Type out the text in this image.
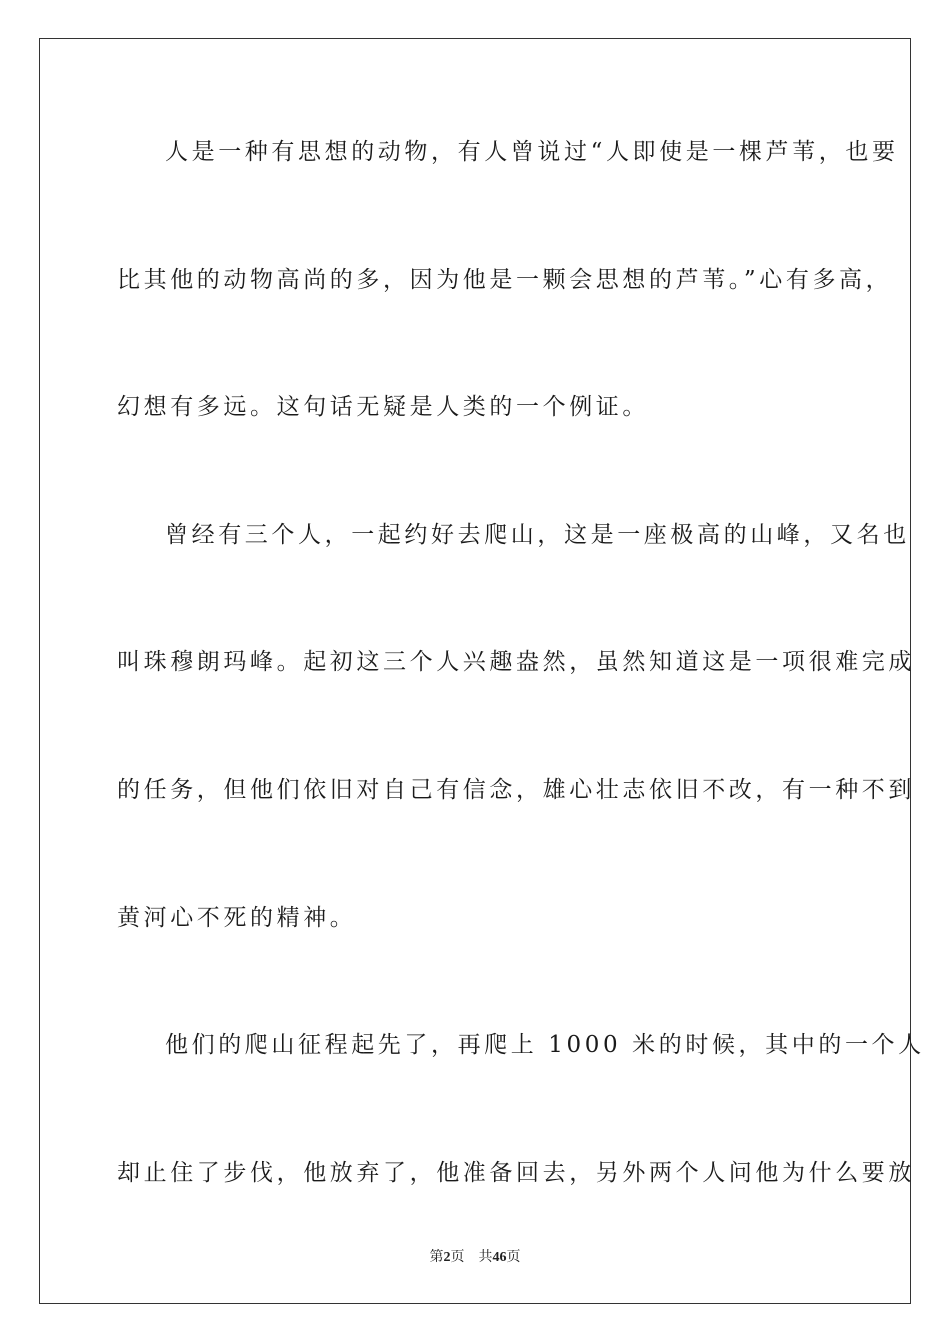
人是一种有思想的动物，有人曾说过“人即使是一棵芦苇，也要
比其他的动物高尚的多，因为他是一颗会思想的芦苇。”心有多高，
幻想有多远。这句话无疑是人类的一个例证。
曾经有三个人，一起约好去爬山，这是一座极高的山峰，又名也
叫珠穆朗玛峰。起初这三个人兴趣盎然，虽然知道这是一项很难完成
的任务，但他们依旧对自己有信念，雄心壮志依旧不改，有一种不到
黄河心不死的精神。
他们的爬山征程起先了，再爬上 1000 米的时候，其中的一个人
却止住了步伐，他放弃了，他准备回去，另外两个人问他为什么要放
第2页 共46页
